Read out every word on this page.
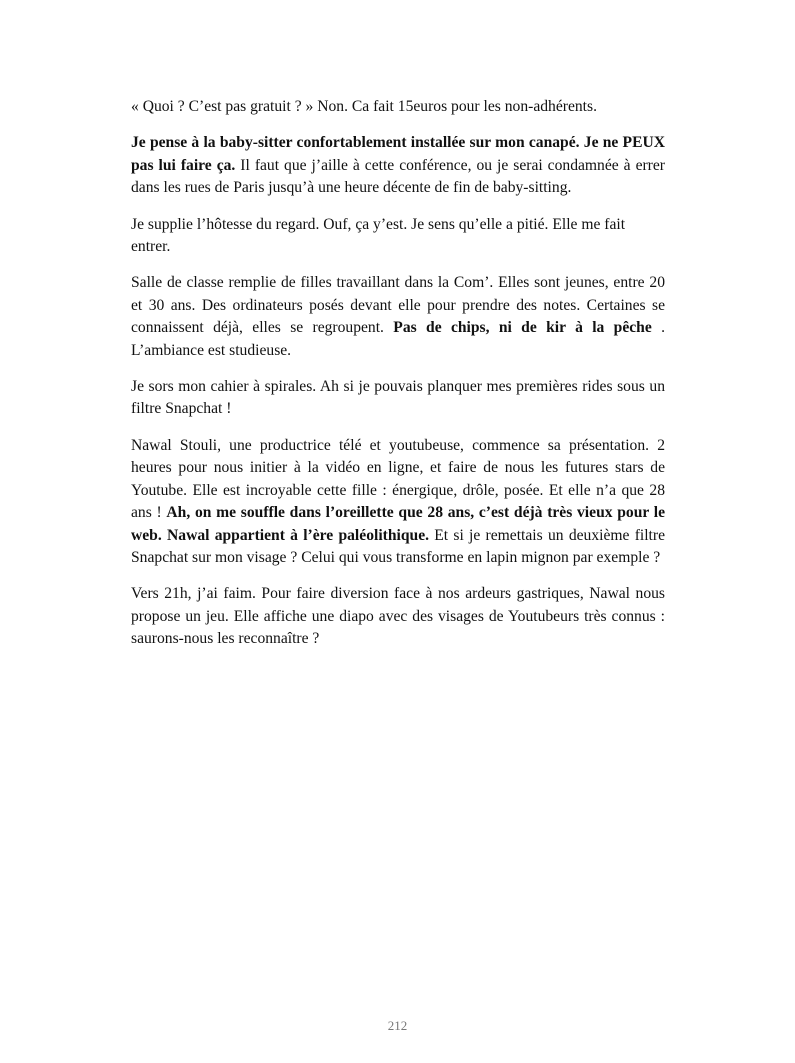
« Quoi ? C’est pas gratuit ? » Non. Ca fait 15euros pour les non-adhérents.

Je pense à la baby-sitter confortablement installée sur mon canapé. Je ne PEUX pas lui faire ça. Il faut que j’aille à cette conférence, ou je serai condamnée à errer dans les rues de Paris jusqu’à une heure décente de fin de baby-sitting.

Je supplie l’hôtesse du regard. Ouf, ça y’est. Je sens qu’elle a pitié. Elle me fait entrer.

Salle de classe remplie de filles travaillant dans la Com’. Elles sont jeunes, entre 20 et 30 ans. Des ordinateurs posés devant elle pour prendre des notes. Certaines se connaissent déjà, elles se regroupent. Pas de chips, ni de kir à la pêche . L’ambiance est studieuse.

Je sors mon cahier à spirales. Ah si je pouvais planquer mes premières rides sous un filtre Snapchat !

Nawal Stouli, une productrice télé et youtubeuse, commence sa présentation. 2 heures pour nous initier à la vidéo en ligne, et faire de nous les futures stars de Youtube. Elle est incroyable cette fille : énergique, drôle, posée. Et elle n’a que 28 ans ! Ah, on me souffle dans l’oreillette que 28 ans, c’est déjà très vieux pour le web. Nawal appartient à l’ère paléolithique. Et si je remettais un deuxième filtre Snapchat sur mon visage ? Celui qui vous transforme en lapin mignon par exemple ?

Vers 21h, j’ai faim. Pour faire diversion face à nos ardeurs gastriques, Nawal nous propose un jeu. Elle affiche une diapo avec des visages de Youtubeurs très connus : saurons-nous les reconnaître ?

212
